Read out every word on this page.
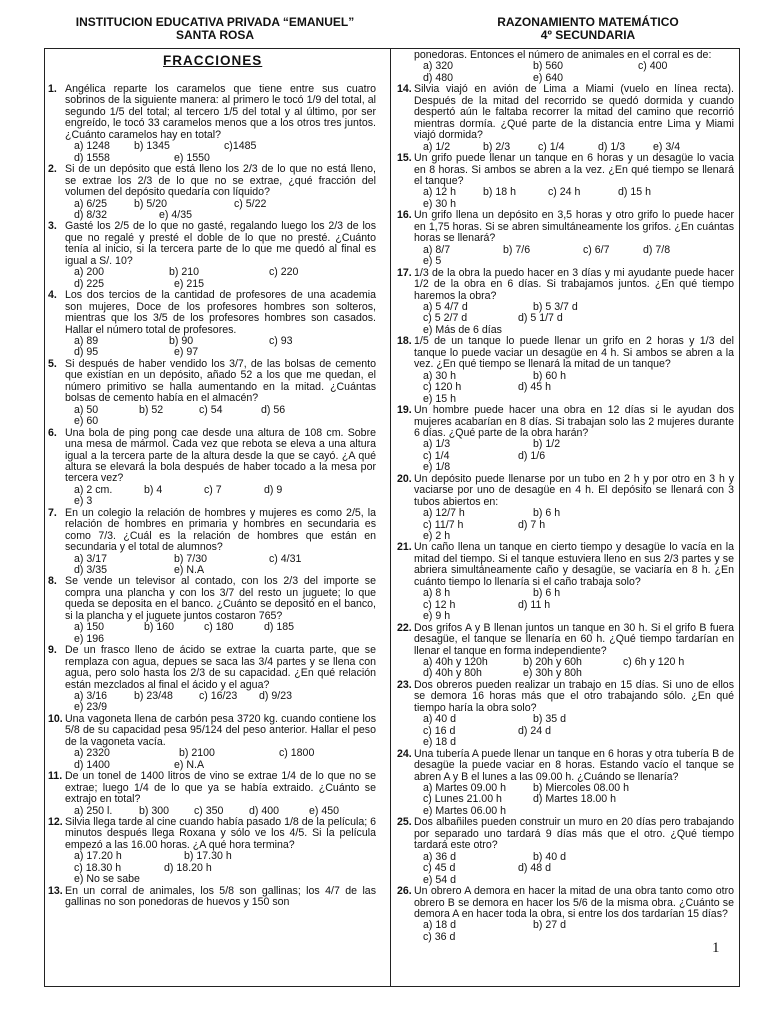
INSTITUCION EDUCATIVA PRIVADA “EMANUEL”
SANTA ROSA
RAZONAMIENTO MATEMÁTICO
4º SECUNDARIA
FRACCIONES
1. Angélica reparte los caramelos que tiene entre sus cuatro sobrinos de la siguiente manera: al primero le tocó 1/9 del total, al segundo 1/5 del total; al tercero 1/5 del total y al último, por ser engreído, le tocó 33 caramelos menos que a los otros tres juntos. ¿Cuánto caramelos hay en total?
a) 1248	b) 1345	c)1485
d) 1558	e) 1550
2. Si de un depósito que está lleno los 2/3 de lo que no está lleno, se extrae los 2/3 de lo que no se extrae, ¿qué fracción del volumen del depósito quedaría con líquido?
a) 6/25	b) 5/20	c) 5/22
d) 8/32	e) 4/35
3. Gasté los 2/5 de lo que no gasté, regalando luego los 2/3 de los que no regalé y presté el doble de lo que no presté. ¿Cuánto tenía al inicio, si la tercera parte de lo que me quedó al final es igual a S/. 10?
a) 200	b) 210	c) 220
d) 225	e) 215
4. Los dos tercios de la cantidad de profesores de una academia son mujeres, Doce de los profesores hombres son solteros, mientras que los 3/5 de los profesores hombres son casados. Hallar el número total de profesores.
a) 89	b) 90	c) 93
d) 95	e) 97
5. Si después de haber vendido los 3/7, de las bolsas de cemento que existían en un depósito, añado 52 a los que me quedan, el número primitivo se halla aumentando en la mitad. ¿Cuántas bolsas de cemento había en el almacén?
a) 50	b) 52	c) 54	d) 56
e) 60
6. Una bola de ping pong cae desde una altura de 108 cm. Sobre una mesa de mármol. Cada vez que rebota se eleva a una altura igual a la tercera parte de la altura desde la que se cayó. ¿A qué altura se elevará la bola después de haber tocado a la mesa por tercera vez?
a) 2 cm.	b) 4	c) 7	d) 9
e) 3
7. En un colegio la relación de hombres y mujeres es como 2/5, la relación de hombres en primaria y hombres en secundaria es como 7/3. ¿Cuál es la relación de hombres que están en secundaria y el total de alumnos?
a) 3/17	b) 7/30	c) 4/31
d) 3/35	e) N.A
8. Se vende un televisor al contado, con los 2/3 del importe se compra una plancha y con los 3/7 del resto un juguete; lo que queda se deposita en el banco. ¿Cuánto se depositó en el banco, si la plancha y el juguete juntos costaron 765?
a) 150	b) 160	c) 180	d) 185
e) 196
9. De un frasco lleno de ácido se extrae la cuarta parte, que se remplaza con agua, depues se saca las 3/4 partes y se llena con agua, pero solo hasta los 2/3 de su capacidad. ¿En qué relación están mezclados al final el ácido y el agua?
a) 3/16	b) 23/48	c) 16/23	d) 9/23
e) 23/9
10. Una vagoneta llena de carbón pesa 3720 kg. cuando contiene los 5/8 de su capacidad pesa 95/124 del peso anterior. Hallar el peso de la vagoneta vacía.
a) 2320	b) 2100	c) 1800
d) 1400	e) N.A
11. De un tonel de 1400 litros de vino se extrae 1/4 de lo que no se extrae; luego 1/4 de lo que ya se había extraido. ¿Cuánto se extrajo en total?
a) 250 l.	b) 300	c) 350	d) 400	e) 450
12. Silvia llega tarde al cine cuando había pasado 1/8 de la película; 6 minutos después llega Roxana y sólo ve los 4/5. Si la película empezó a las 16.00 horas. ¿A qué hora termina?
a) 17.20 h	b) 17.30 h
c) 18.30 h	d) 18.20 h
e) No se sabe
13. En un corral de animales, los 5/8 son gallinas; los 4/7 de las gallinas no son ponedoras de huevos y 150 son
ponedoras. Entonces el número de animales en el corral es de:
a) 320	b) 560	c) 400
d) 480	e) 640
14. Silvia viajó en avión de Lima a Miami (vuelo en línea recta). Después de la mitad del recorrido se quedó dormida y cuando despertó aún le faltaba recorrer la mitad del camino que recorrió mientras dormía. ¿Qué parte de la distancia entre Lima y Miami viajó dormida?
a) 1/2	b) 2/3	c) 1/4	d) 1/3	e) 3/4
15. Un grifo puede llenar un tanque en 6 horas y un desagüe lo vacia en 8 horas. Si ambos se abren a la vez. ¿En qué tiempo se llenará el tanque?
a) 12 h	b) 18 h	c) 24 h	d) 15 h
e) 30 h
16. Un grifo llena un depósito en 3,5 horas y otro grifo lo puede hacer en 1,75 horas. Si se abren simultáneamente los grifos. ¿En cuántas horas se llenará?
a) 8/7	b) 7/6	c) 6/7	d) 7/8
e) 5
17. 1/3 de la obra la puedo hacer en 3 días y mi ayudante puede hacer 1/2 de la obra en 6 días. Si trabajamos juntos. ¿En qué tiempo haremos la obra?
a) 5 4/7 d	b) 5 3/7 d
c) 5 2/7 d	d) 5 1/7 d
e) Más de 6 días
18. 1/5 de un tanque lo puede llenar un grifo en 2 horas y 1/3 del tanque lo puede vaciar un desagüe en 4 h. Si ambos se abren a la vez. ¿En qué tiempo se llenará la mitad de un tanque?
a) 30 h	b) 60 h
c) 120 h	d) 45 h
e) 15 h
19. Un hombre puede hacer una obra en 12 días si le ayudan dos mujeres acabarían en 8 días. Si trabajan solo las 2 mujeres durante 6 días. ¿Qué parte de la obra harán?
a) 1/3	b) 1/2
c) 1/4	d) 1/6
e) 1/8
20. Un depósito puede llenarse por un tubo en 2 h y por otro en 3 h y vaciarse por uno de desagüe en 4 h. El depósito se llenará con 3 tubos abiertos en:
a) 12/7 h	b) 6 h
c) 11/7 h	d) 7 h
e) 2 h
21. Un caño llena un tanque en cierto tiempo y desagüe lo vacía en la mitad del tiempo. Si el tanque estuviera lleno en sus 2/3 partes y se abriera simultáneamente caño y desagüe, se vaciaría en 8 h. ¿En cuánto tiempo lo llenaría si el caño trabaja solo?
a) 8 h	b) 6 h
c) 12 h	d) 11 h
e) 9 h
22. Dos grifos A y B llenan juntos un tanque en 30 h. Si el grifo B fuera desagüe, el tanque se llenaría en 60 h. ¿Qué tiempo tardarían en llenar el tanque en forma independiente?
a) 40h y 120h	b) 20h y 60h	c) 6h y 120 h
d) 40h y 80h	e) 30h y 80h
23. Dos obreros pueden realizar un trabajo en 15 días. Si uno de ellos se demora 16 horas más que el otro trabajando sólo. ¿En qué tiempo haría la obra solo?
a) 40 d	b) 35 d
c) 16 d	d) 24 d
e) 18 d
24. Una tubería A puede llenar un tanque en 6 horas y otra tubería B de desagüe la puede vaciar en 8 horas. Estando vacío el tanque se abren A y B el lunes a las 09.00 h. ¿Cuándo se llenaría?
a) Martes 09.00 h	b) Miercoles 08.00 h
c) Lunes 21.00 h	d) Martes 18.00 h
e) Martes 06.00 h
25. Dos albañiles pueden construir un muro en 20 días pero trabajando por separado uno tardará 9 días más que el otro. ¿Qué tiempo tardará este otro?
a) 36 d	b) 40 d
c) 45 d	d) 48 d
e) 54 d
26. Un obrero A demora en hacer la mitad de una obra tanto como otro obrero B se demora en hacer los 5/6 de la misma obra. ¿Cuánto se demora A en hacer toda la obra, si entre los dos tardarían 15 días?
a) 18 d	b) 27 d
c) 36 d
1
